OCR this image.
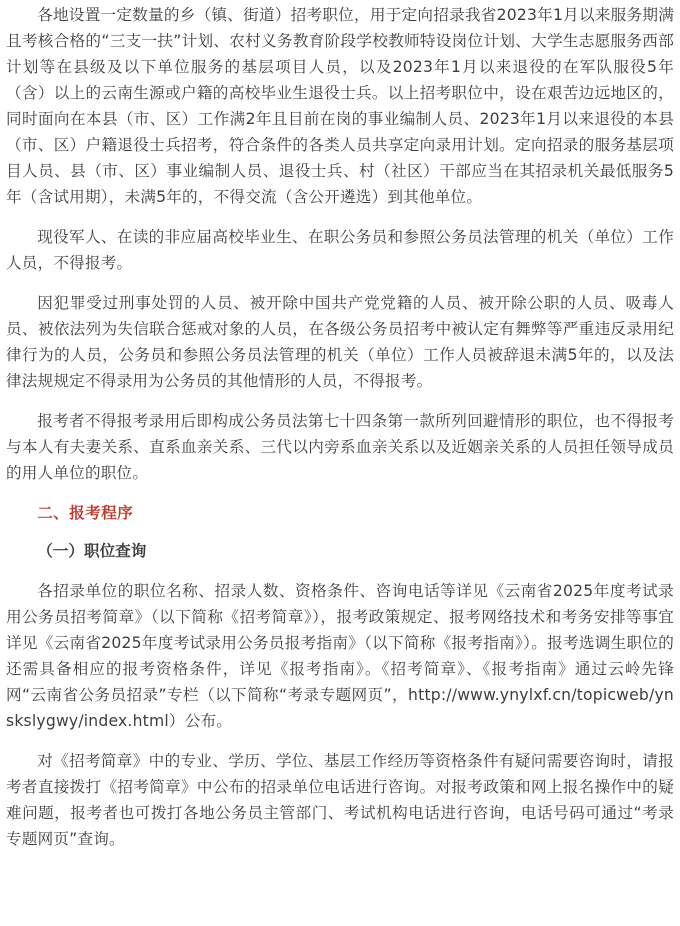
各地设置一定数量的乡（镇、街道）招考职位，用于定向招录我省2023年1月以来服务期满且考核合格的“三支一扶”计划、农村义务教育阶段学校教师特设岗位计划、大学生志愿服务西部计划等在县级及以下单位服务的基层项目人员，以及2023年1月以来退役的在军队服役5年（含）以上的云南生源或户籍的高校毕业生退役士兵。以上招考职位中，设在艰苦边远地区的，同时面向在本县（市、区）工作满2年且目前在岗的事业编制人员、2023年1月以来退役的本县（市、区）户籍退役士兵招考，符合条件的各类人员共享定向录用计划。定向招录的服务基层项目人员、县（市、区）事业编制人员、退役士兵、村（社区）干部应当在其招录机关最低服务5年（含试用期），未满5年的，不得交流（含公开遴选）到其他单位。

现役军人、在读的非应届高校毕业生、在职公务员和参照公务员法管理的机关（单位）工作人员，不得报考。

因犯罪受过刑事处罚的人员、被开除中国共产党党籍的人员、被开除公职的人员、吸毒人员、被依法列为失信联合惩戒对象的人员，在各级公务员招考中被认定有舞弊等严重违反录用纪律行为的人员，公务员和参照公务员法管理的机关（单位）工作人员被辞退未满5年的，以及法律法规规定不得录用为公务员的其他情形的人员，不得报考。

报考者不得报考录用后即构成公务员法第七十四条第一款所列回避情形的职位，也不得报考与本人有夫妻关系、直系血亲关系、三代以内旁系血亲关系以及近姻亲关系的人员担任领导成员的用人单位的职位。

二、报考程序
（一）职位查询

各招录单位的职位名称、招录人数、资格条件、咨询电话等详见《云南省2025年度考试录用公务员招考简章》（以下简称《招考简章》），报考政策规定、报考网络技术和考务安排等事宜详见《云南省2025年度考试录用公务员报考指南》（以下简称《报考指南》）。报考选调生职位的还需具备相应的报考资格条件，详见《报考指南》。《招考简章》、《报考指南》通过云岭先锋网“云南省公务员招录”专栏（以下简称“考录专题网页”，http://www.ynylxf.cn/topicweb/ynskslygwy/index.html）公布。

对《招考简章》中的专业、学历、学位、基层工作经历等资格条件有疑问需要咨询时，请报考者直接拨打《招考简章》中公布的招录单位电话进行咨询。对报考政策和网上报名操作中的疑难问题，报考者也可拨打各地公务员主管部门、考试机构电话进行咨询，电话号码可通过“考录专题网页”查询。
